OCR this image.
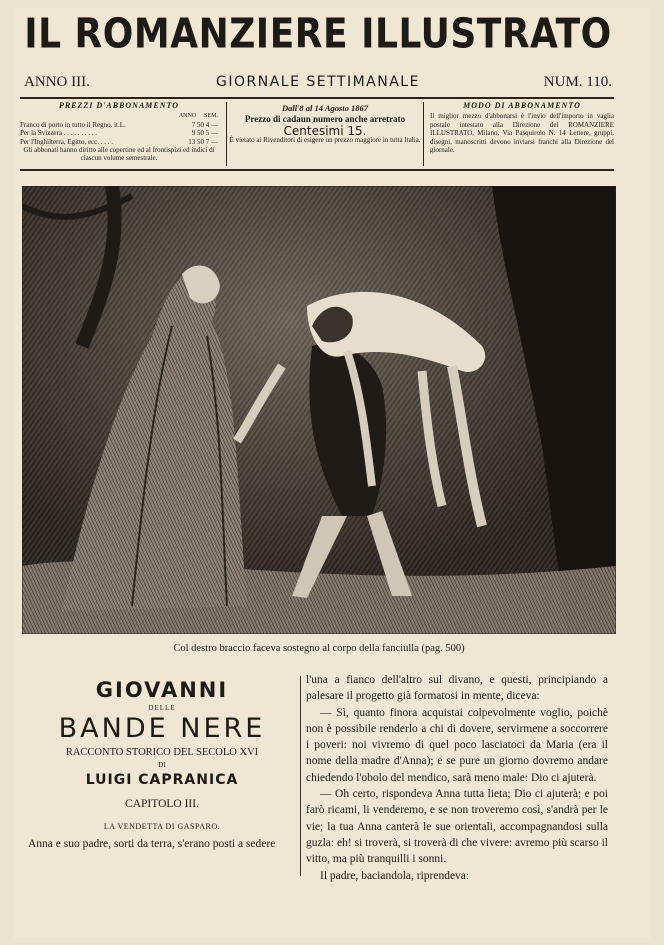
IL ROMANZIERE ILLUSTRATO
ANNO III.	GIORNALE SETTIMANALE	NUM. 110.
PREZZI D'ABBONAMENTO
ANNO SEM.
Franco di porto in tutto il Regno. it.L.	7 50 4 —
Per la Svizzera . . . . . . . . . .	9 50 5 —
Per l'Inghilterra, Egitto, ecc. . . . .	13 50 7 —
Gli abbonati hanno diritto alle copertine ed al frontispizi ed indici di ciascun volume semestrale.
Dall'8 al 14 Agosto 1867
Prezzo di cadaun numero anche arretrato
Centesimi 15.
È vietato ai Rivenditori di esigere un prezzo maggiore in tutta Italia.
MODO DI ABBONAMENTO

Il miglior mezzo d'abbonarsi è l'invio dell'importo in vaglia postale intestato alla Direzione del ROMANZIERE ILLUSTRATO, Milano, Via Pasquirolo N. 14 Lettere, gruppi, disegni, manoscritti devono inviarsi franchi alla Direzione del giornale.

Col destro braccio faceva sostegno al corpo della fanciulla (pag. 500)
GIOVANNI
DELLE
BANDE NERE
RACCONTO STORICO DEL SECOLO XVI
DI
LUIGI CAPRANICA
CAPITOLO III.
LA VENDETTA DI GASPARO.
Anna e suo padre, sorti da terra, s'erano posti a sedere

l'una a fianco dell'altro sul divano, e questi, principiando a palesare il progetto già formatosi in mente, diceva:

— Sì, quanto finora acquistai colpevolmente voglio, poichè non è possibile renderlo a chi di dovere, servirmene a soccorrere i poveri: noi vivremo di quel poco lasciatoci da Maria (era il nome della madre d'Anna); e se pure un giorno dovremo andare chiedendo l'obolo del mendico, sarà meno male: Dio ci ajuterà.

— Oh certo, rispondeva Anna tutta lieta; Dio ci ajuterà; e poi farò ricami, li venderemo, e se non troveremo così, s'andrà per le vie; la tua Anna canterà le sue orientali, accompagnandosi sulla guzla: eh! si troverà, si troverà di che vivere: avremo più scarso il vitto, ma più tranquilli i sonni.

Il padre, baciandola, riprendeva:
